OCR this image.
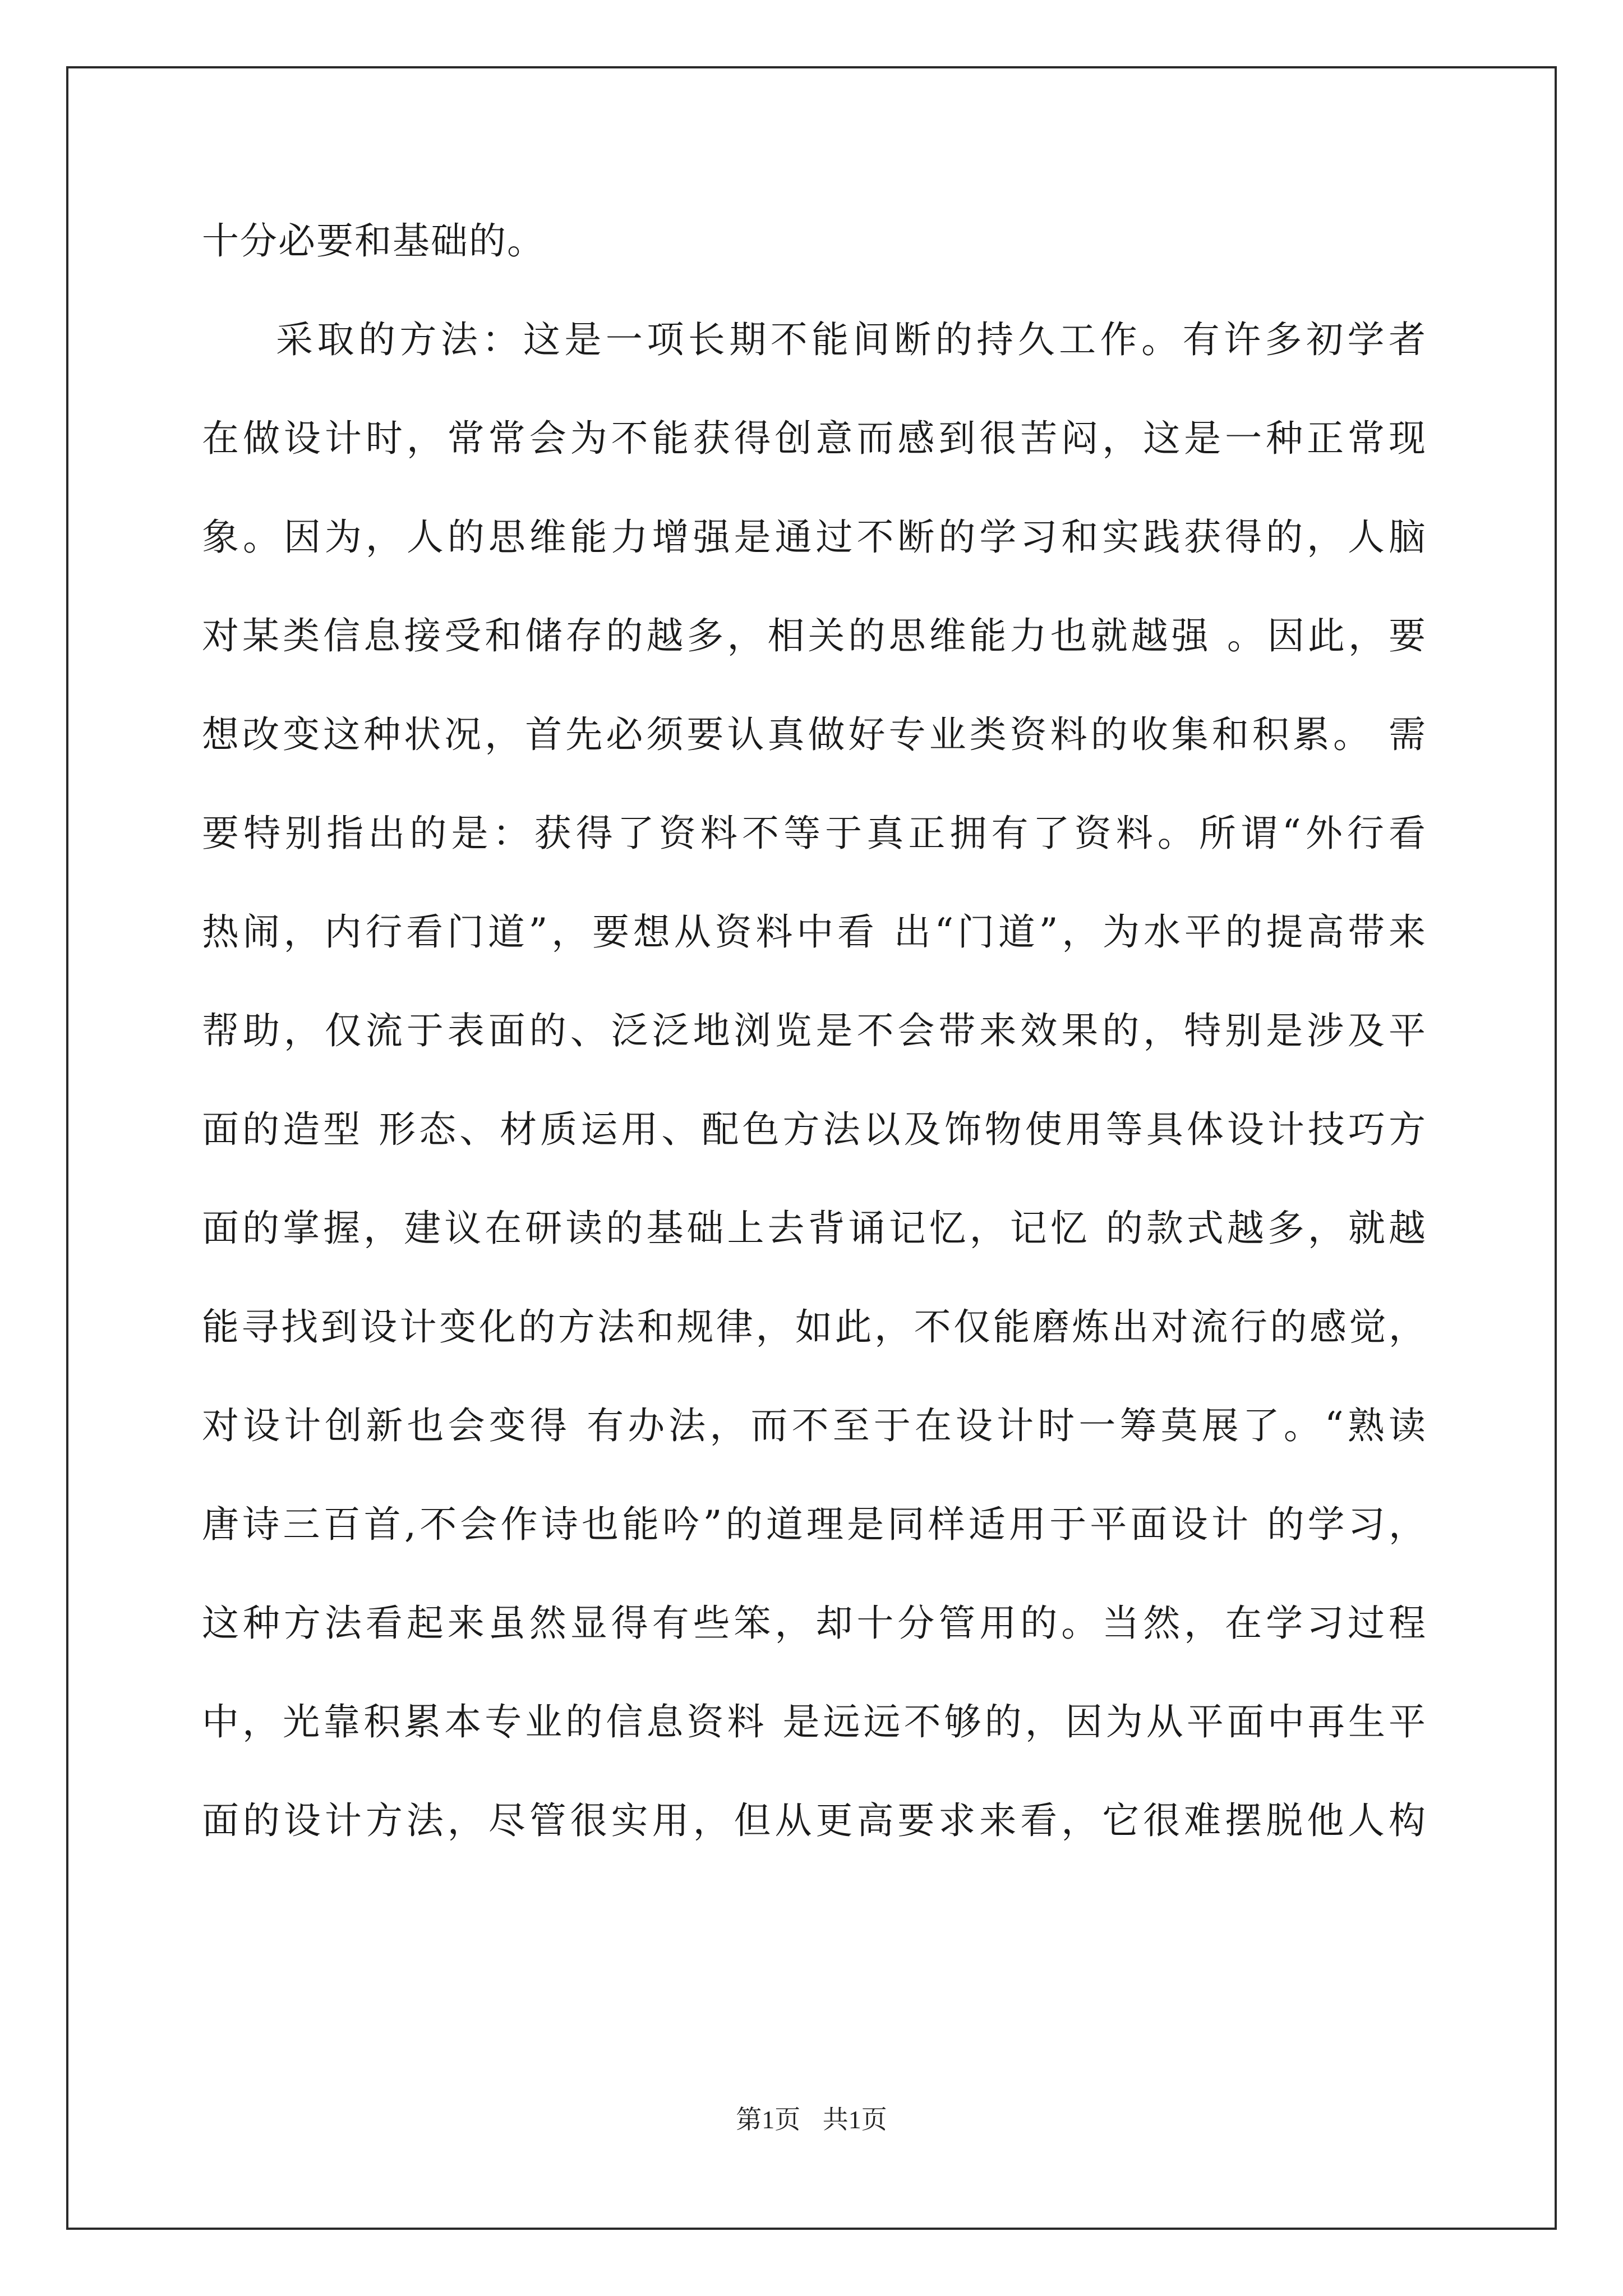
十分必要和基础的。
采取的方法：这是一项长期不能间断的持久工作。有许多初学者
在做设计时，常常会为不能获得创意而感到很苦闷，这是一种正常现
象。因为，人的思维能力增强是通过不断的学习和实践获得的，人脑
对某类信息接受和储存的越多，相关的思维能力也就越强 。因此，要
想改变这种状况，首先必须要认真做好专业类资料的收集和积累。 需
要特别指出的是：获得了资料不等于真正拥有了资料。所谓“外行看
热闹，内行看门道”，要想从资料中看 出“门道”，为水平的提高带来
帮助，仅流于表面的、泛泛地浏览是不会带来效果的，特别是涉及平
面的造型 形态、材质运用、配色方法以及饰物使用等具体设计技巧方
面的掌握，建议在研读的基础上去背诵记忆，记忆 的款式越多，就越
能寻找到设计变化的方法和规律，如此，不仅能磨炼出对流行的感觉，
对设计创新也会变得 有办法，而不至于在设计时一筹莫展了。“熟读
唐诗三百首,不会作诗也能吟”的道理是同样适用于平面设计 的学习，
这种方法看起来虽然显得有些笨，却十分管用的。当然，在学习过程
中，光靠积累本专业的信息资料 是远远不够的，因为从平面中再生平
面的设计方法，尽管很实用，但从更高要求来看，它很难摆脱他人构
第1页 共1页
